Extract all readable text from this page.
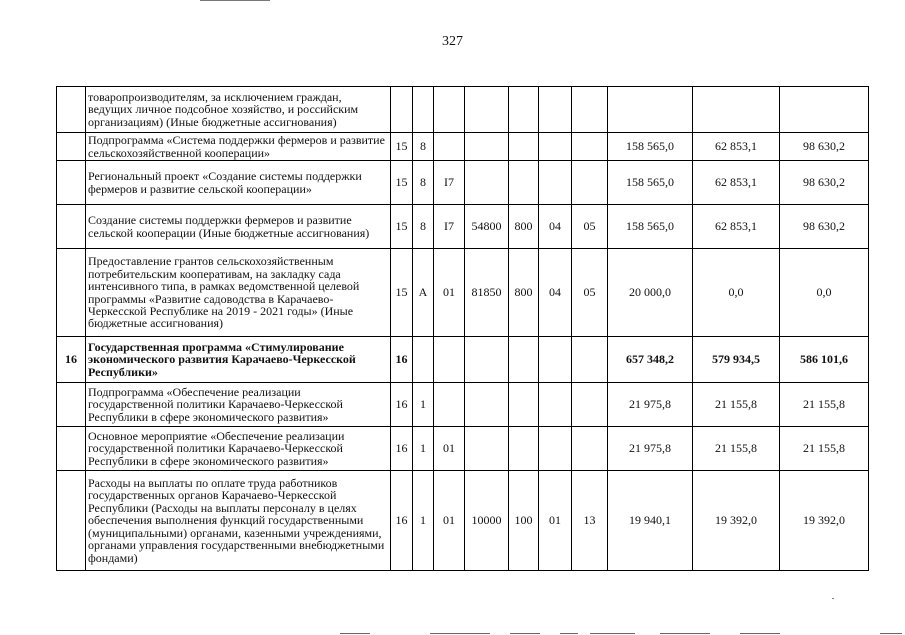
327
	товаропроизводителям, за исключением граждан, ведущих личное подсобное хозяйство, и российским организациям) (Иные бюджетные ассигнования)										
	Подпрограмма «Система поддержки фермеров и развитие сельскохозяйственной кооперации»	15	8						158 565,0	62 853,1	98 630,2
	Региональный проект «Создание системы поддержки фермеров и развитие сельской кооперации»	15	8	I7					158 565,0	62 853,1	98 630,2
	Создание системы поддержки фермеров и развитие сельской кооперации (Иные бюджетные ассигнования)	15	8	I7	54800	800	04	05	158 565,0	62 853,1	98 630,2
	Предоставление грантов сельскохозяйственным потребительским кооперативам, на закладку сада интенсивного типа, в рамках ведомственной целевой программы «Развитие садоводства в Карачаево-Черкесской Республике на 2019 - 2021 годы» (Иные бюджетные ассигнования)	15	А	01	81850	800	04	05	20 000,0	0,0	0,0
16	Государственная программа «Стимулирование экономического развития Карачаево-Черкесской Республики»	16							657 348,2	579 934,5	586 101,6
	Подпрограмма «Обеспечение реализации государственной политики Карачаево-Черкесской Республики в сфере экономического развития»	16	1						21 975,8	21 155,8	21 155,8
	Основное мероприятие «Обеспечение реализации государственной политики Карачаево-Черкесской Республики в сфере экономического развития»	16	1	01					21 975,8	21 155,8	21 155,8
	Расходы на выплаты по оплате труда работников государственных органов Карачаево-Черкесской Республики (Расходы на выплаты персоналу в целях обеспечения выполнения функций государственными (муниципальными) органами, казенными учреждениями, органами управления государственными внебюджетными фондами)	16	1	01	10000	100	01	13	19 940,1	19 392,0	19 392,0
